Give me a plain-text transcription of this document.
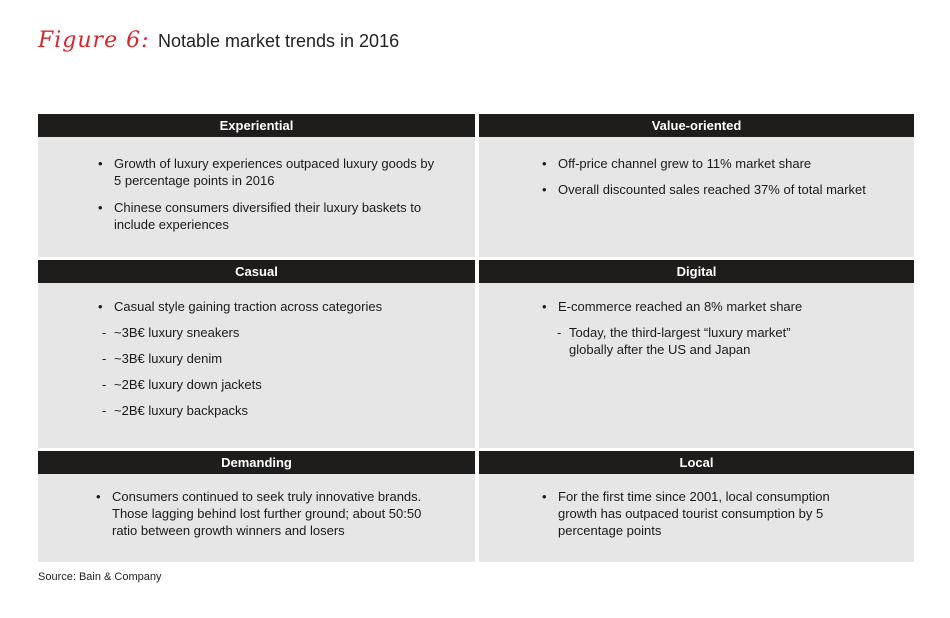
Figure 6: Notable market trends in 2016
Experiential
• Growth of luxury experiences outpaced luxury goods by 5 percentage points in 2016
• Chinese consumers diversified their luxury baskets to include experiences
Value-oriented
• Off-price channel grew to 11% market share
• Overall discounted sales reached 37% of total market
Casual
• Casual style gaining traction across categories
- ~3B€ luxury sneakers
- ~3B€ luxury denim
- ~2B€ luxury down jackets
- ~2B€ luxury backpacks
Digital
• E-commerce reached an 8% market share
- Today, the third-largest “luxury market” globally after the US and Japan
Demanding
• Consumers continued to seek truly innovative brands. Those lagging behind lost further ground; about 50:50 ratio between growth winners and losers
Local
• For the first time since 2001, local consumption growth has outpaced tourist consumption by 5 percentage points
Source: Bain & Company
